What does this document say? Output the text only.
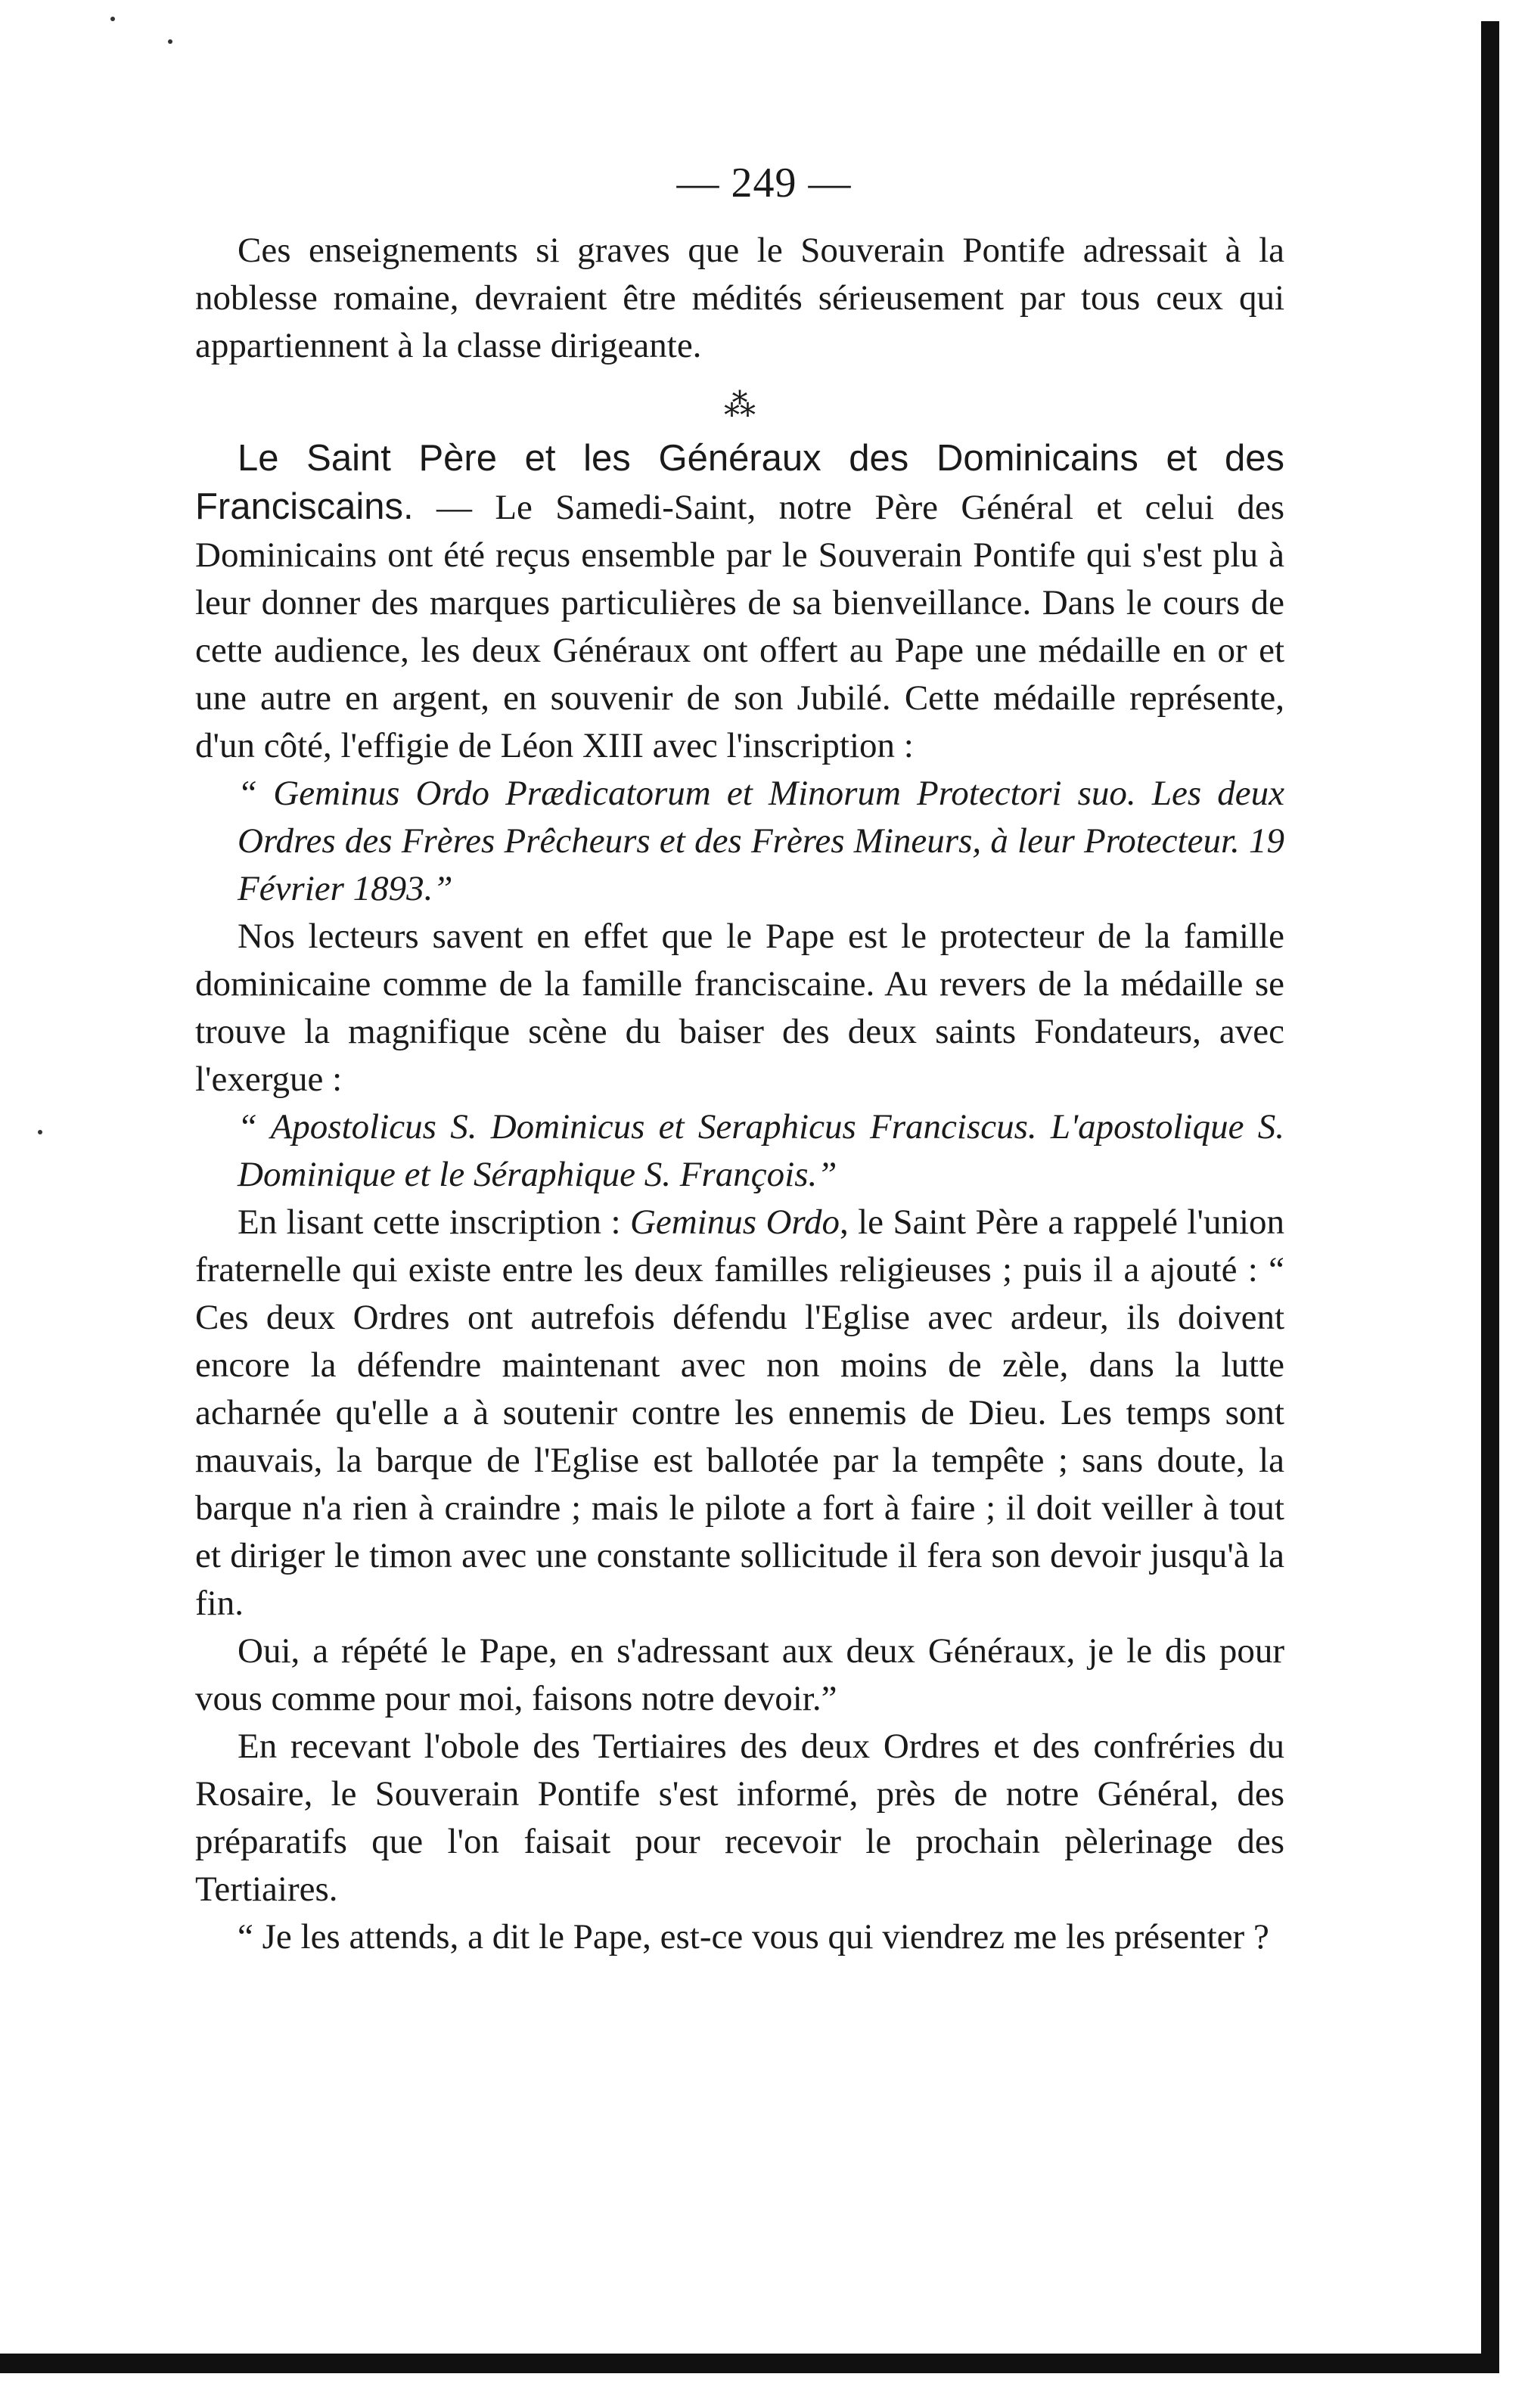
— 249 —

Ces enseignements si graves que le Souverain Pontife adressait à la noblesse romaine, devraient être médités sérieusement par tous ceux qui appartiennent à la classe dirigeante.

⁂

Le Saint Père et les Généraux des Dominicains et des Franciscains. — Le Samedi-Saint, notre Père Général et celui des Dominicains ont été reçus ensemble par le Souverain Pontife qui s'est plu à leur donner des marques particulières de sa bienveillance. Dans le cours de cette audience, les deux Généraux ont offert au Pape une médaille en or et une autre en argent, en souvenir de son Jubilé. Cette médaille représente, d'un côté, l'effigie de Léon XIII avec l'inscription :

“ Geminus Ordo Prædicatorum et Minorum Protectori suo. Les deux Ordres des Frères Prêcheurs et des Frères Mineurs, à leur Protecteur. 19 Février 1893.”

Nos lecteurs savent en effet que le Pape est le protecteur de la famille dominicaine comme de la famille franciscaine. Au revers de la médaille se trouve la magnifique scène du baiser des deux saints Fondateurs, avec l'exergue :

“ Apostolicus S. Dominicus et Seraphicus Franciscus. L'apostolique S. Dominique et le Séraphique S. François.”

En lisant cette inscription : Geminus Ordo, le Saint Père a rappelé l'union fraternelle qui existe entre les deux familles religieuses ; puis il a ajouté : “ Ces deux Ordres ont autrefois défendu l'Eglise avec ardeur, ils doivent encore la défendre maintenant avec non moins de zèle, dans la lutte acharnée qu'elle a à soutenir contre les ennemis de Dieu. Les temps sont mauvais, la barque de l'Eglise est ballotée par la tempête ; sans doute, la barque n'a rien à craindre ; mais le pilote a fort à faire ; il doit veiller à tout et diriger le timon avec une constante sollicitude il fera son devoir jusqu'à la fin.

Oui, a répété le Pape, en s'adressant aux deux Généraux, je le dis pour vous comme pour moi, faisons notre devoir.”

En recevant l'obole des Tertiaires des deux Ordres et des confréries du Rosaire, le Souverain Pontife s'est informé, près de notre Général, des préparatifs que l'on faisait pour recevoir le prochain pèlerinage des Tertiaires.

“ Je les attends, a dit le Pape, est-ce vous qui viendrez me les présenter ?
